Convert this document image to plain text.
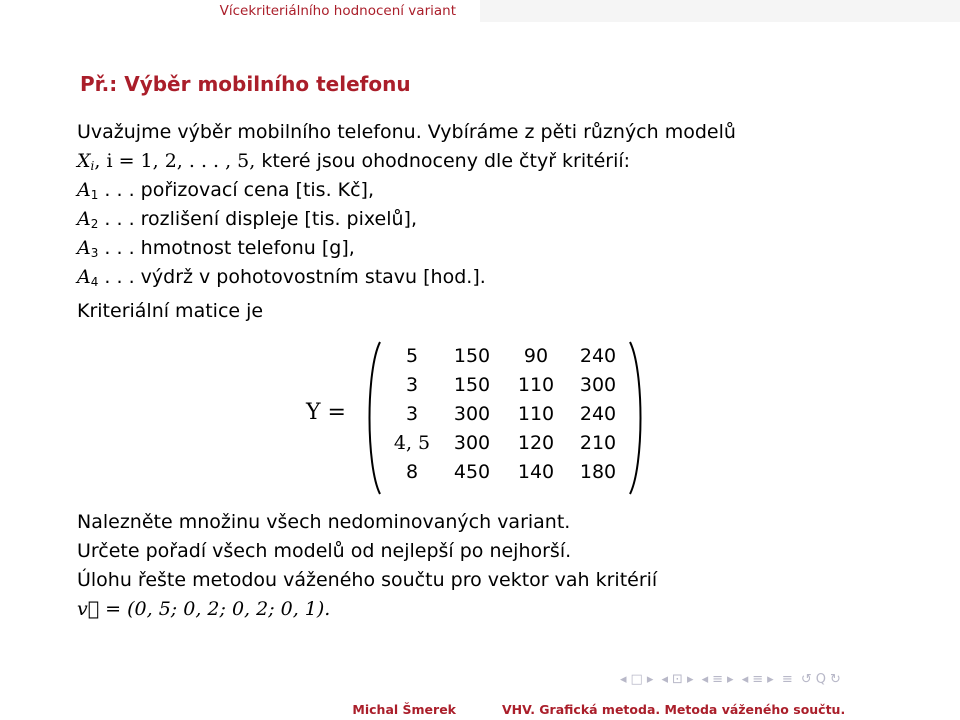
Vícekriteriálního hodnocení variant
Př.: Výběr mobilního telefonu
Uvažujme výběr mobilního telefonu. Vybíráme z pěti různých modelů
$X_i$, i = 1, 2, . . . , 5, které jsou ohodnoceny dle čtyř kritérií:
$A_1$ . . . pořizovací cena [tis. Kč],
$A_2$ . . . rozlišení displeje [tis. pixelů],
$A_3$ . . . hmotnost telefonu [g],
$A_4$ . . . výdrž v pohotovostním stavu [hod.].
Kriteriální matice je
Y =
5	150	90	240
3	150	110	300
3	300	110	240
4, 5	300	120	210
8	450	140	180
Nalezněte množinu všech nedominovaných variant.
Určete pořadí všech modelů od nejlepší po nejhorší.
Úlohu řešte metodou váženého součtu pro vektor vah kritérií
v⃗ = (0, 5; 0, 2; 0, 2; 0, 1).
◂ □ ▸ ◂ ⊡ ▸ ◂ ≡ ▸ ◂ ≡ ▸ ≡ ↺ Q ↻
Michal Šmerek	VHV. Grafická metoda. Metoda váženého součtu.
